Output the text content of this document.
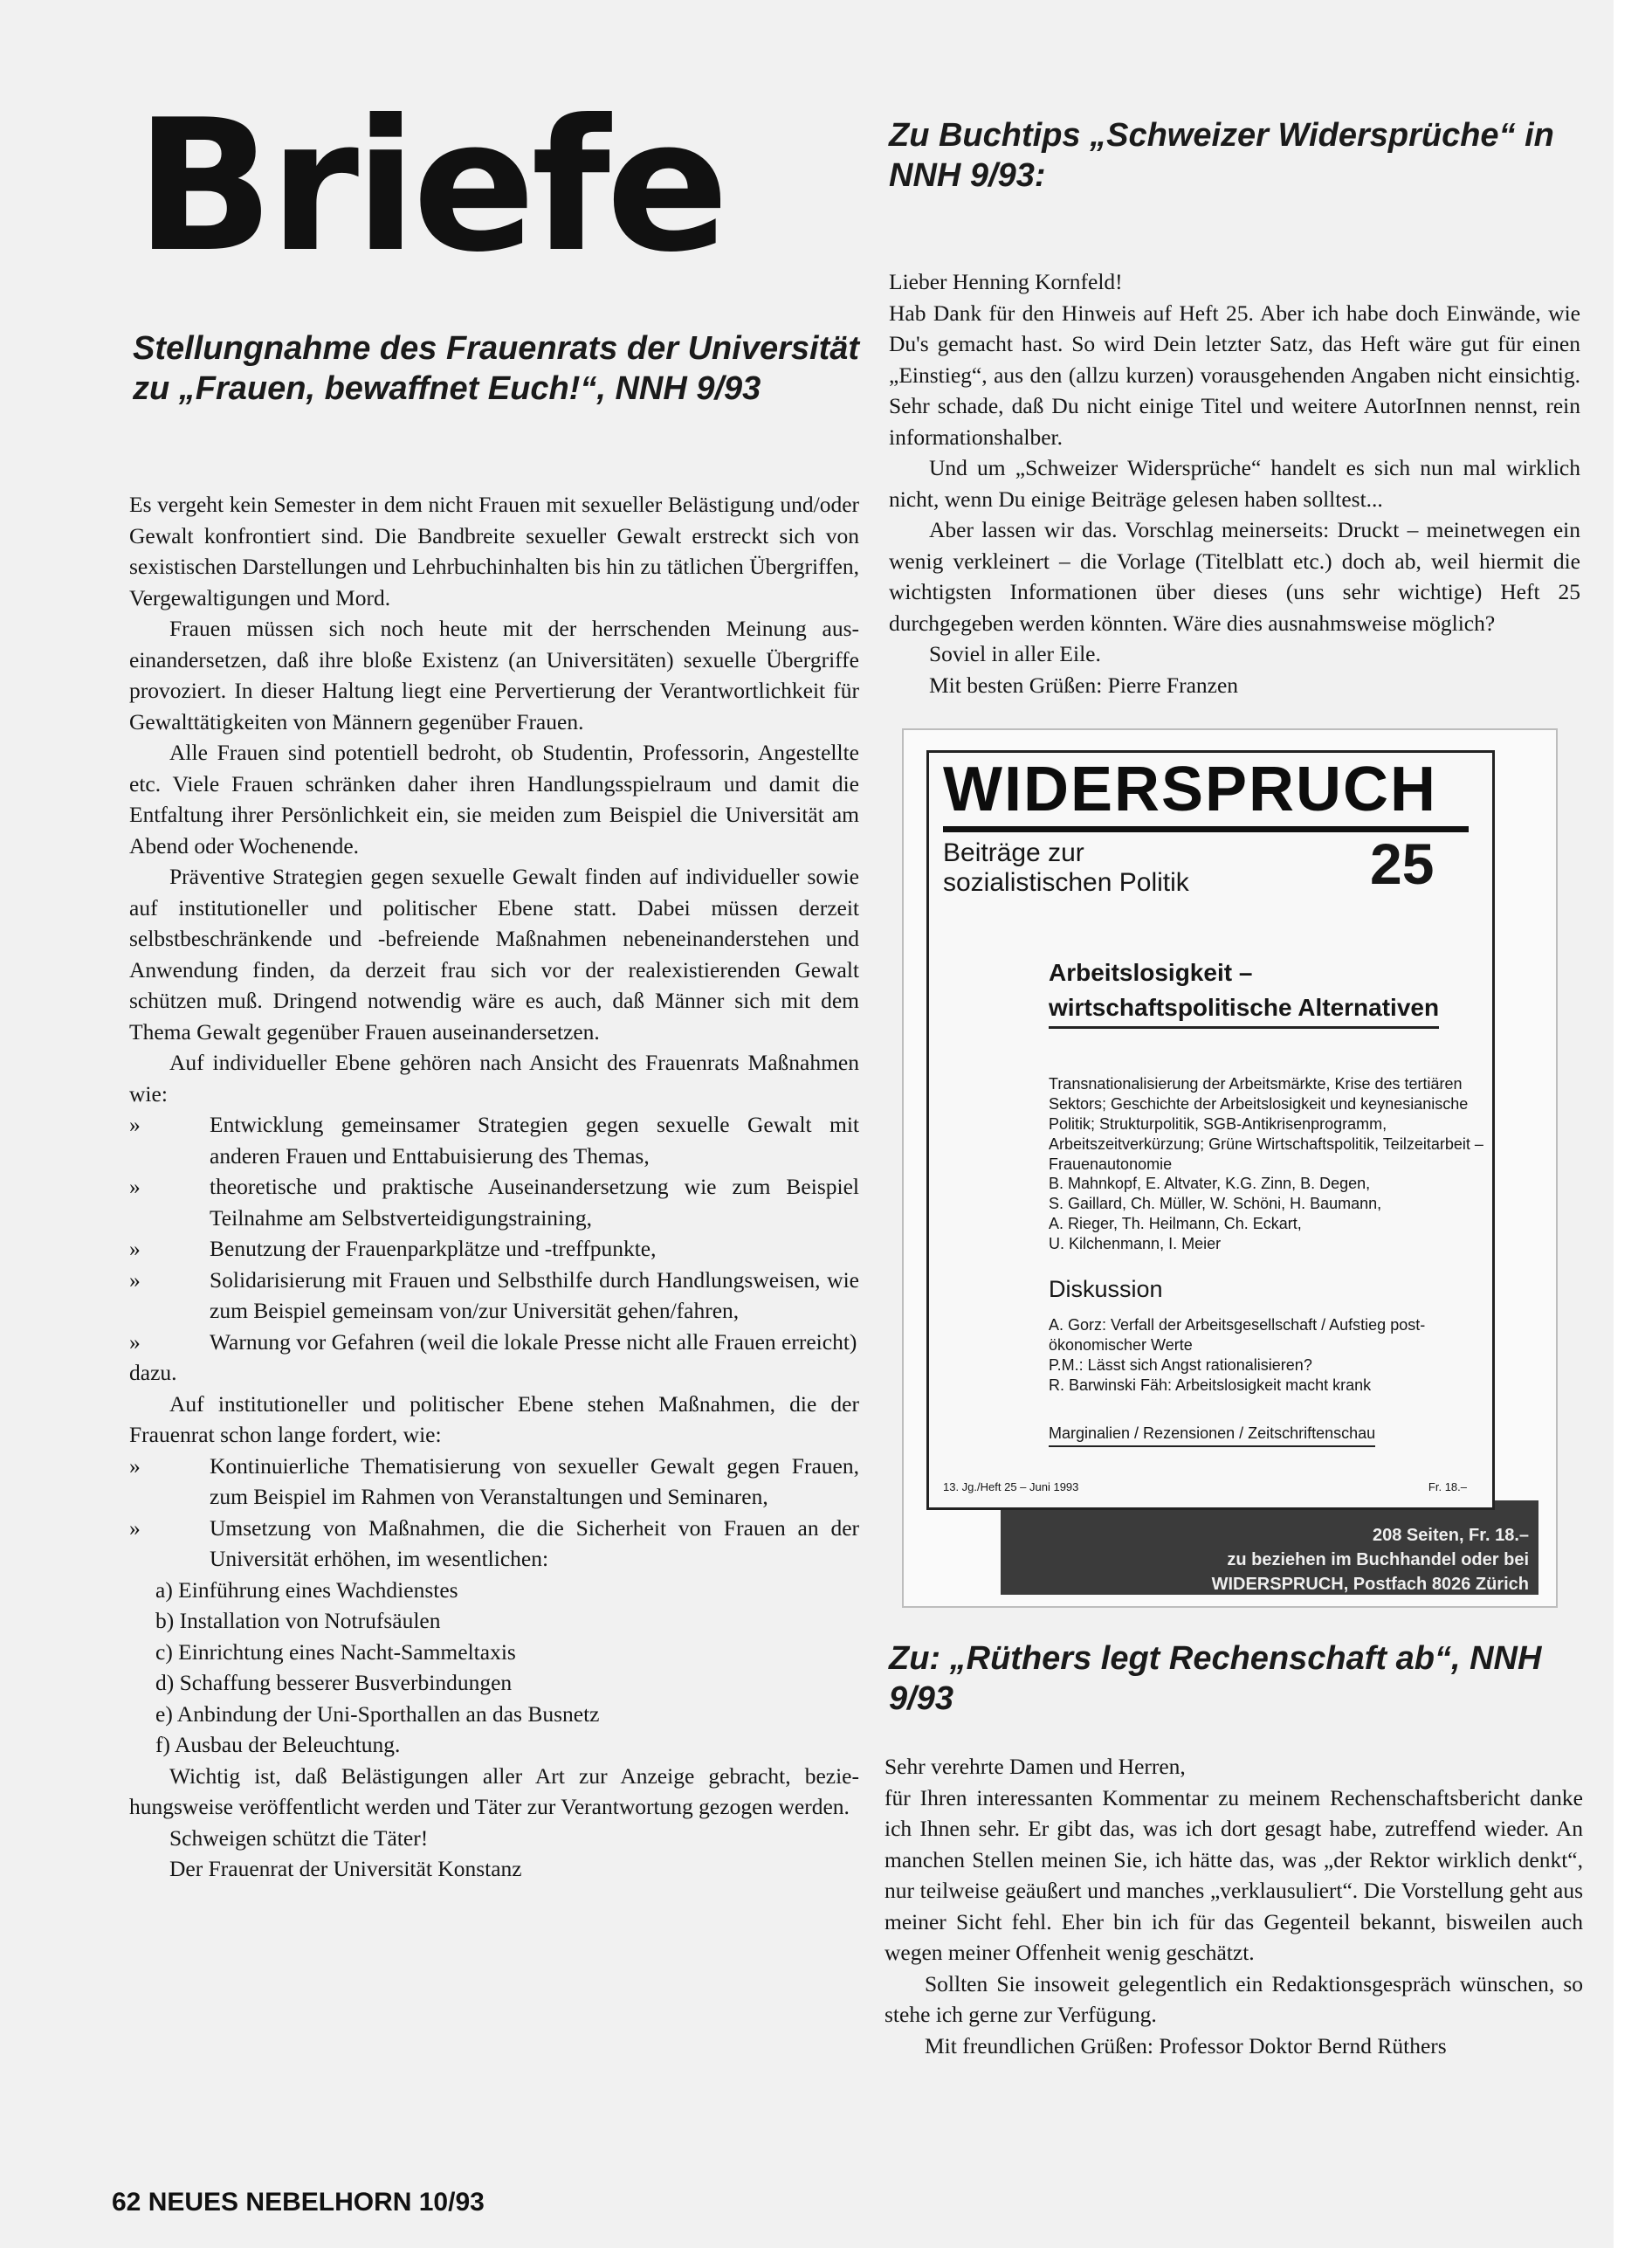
Briefe
Stellungnahme des Frauenrats der Universität zu „Frauen, bewaffnet Euch!“, NNH 9/93

Es vergeht kein Semester in dem nicht Frauen mit sexueller Belästigung und/oder Gewalt konfrontiert sind. Die Bandbreite sexueller Gewalt erstreckt sich von sexistischen Darstellungen und Lehrbuchinhalten bis hin zu tätlichen Übergriffen, Vergewaltigungen und Mord.

Frauen müssen sich noch heute mit der herrschenden Meinung auseinandersetzen, daß ihre bloße Existenz (an Universitäten) sexuelle Übergriffe provoziert. In dieser Haltung liegt eine Pervertierung der Verantwortlichkeit für Gewalttätigkeiten von Männern gegenüber Frauen.

Alle Frauen sind potentiell bedroht, ob Studentin, Professorin, Angestellte etc. Viele Frauen schränken daher ihren Handlungsspielraum und damit die Entfaltung ihrer Persönlichkeit ein, sie meiden zum Beispiel die Universität am Abend oder Wochenende.

Präventive Strategien gegen sexuelle Gewalt finden auf individueller sowie auf institutioneller und politischer Ebene statt. Dabei müssen derzeit selbstbeschränkende und -befreiende Maßnahmen nebeneinanderstehen und Anwendung finden, da derzeit frau sich vor der realexistierenden Gewalt schützen muß. Dringend notwendig wäre es auch, daß Männer sich mit dem Thema Gewalt gegenüber Frauen auseinandersetzen.

Auf individueller Ebene gehören nach Ansicht des Frauenrats Maßnahmen wie:

» Entwicklung gemeinsamer Strategien gegen sexuelle Gewalt mit anderen Frauen und Enttabuisierung des Themas,
» theoretische und praktische Auseinandersetzung wie zum Beispiel Teilnahme am Selbstverteidigungstraining,
» Benutzung der Frauenparkplätze und -treffpunkte,
» Solidarisierung mit Frauen und Selbsthilfe durch Handlungsweisen, wie zum Beispiel gemeinsam von/zur Universität gehen/fahren,
» Warnung vor Gefahren (weil die lokale Presse nicht alle Frauen erreicht)

dazu.

Auf institutioneller und politischer Ebene stehen Maßnahmen, die der Frauenrat schon lange fordert, wie:

» Kontinuierliche Thematisierung von sexueller Gewalt gegen Frauen, zum Beispiel im Rahmen von Veranstaltungen und Seminaren,
» Umsetzung von Maßnahmen, die die Sicherheit von Frauen an der Universität erhöhen, im wesentlichen:
a) Einführung eines Wachdienstes
b) Installation von Notrufsäulen
c) Einrichtung eines Nacht-Sammeltaxis
d) Schaffung besserer Busverbindungen
e) Anbindung der Uni-Sporthallen an das Busnetz
f) Ausbau der Beleuchtung.

Wichtig ist, daß Belästigungen aller Art zur Anzeige gebracht, beziehungsweise veröffentlicht werden und Täter zur Verantwortung gezogen werden.

Schweigen schützt die Täter!

Der Frauenrat der Universität Konstanz

Zu Buchtips „Schweizer Widersprüche“ in NNH 9/93:

Lieber Henning Kornfeld!

Hab Dank für den Hinweis auf Heft 25. Aber ich habe doch Einwände, wie Du's gemacht hast. So wird Dein letzter Satz, das Heft wäre gut für einen „Einstieg“, aus den (allzu kurzen) vorausgehenden Angaben nicht einsichtig. Sehr schade, daß Du nicht einige Titel und weitere AutorInnen nennst, rein informationshalber.

Und um „Schweizer Widersprüche“ handelt es sich nun mal wirklich nicht, wenn Du einige Beiträge gelesen haben solltest...

Aber lassen wir das. Vorschlag meinerseits: Druckt – meinetwegen ein wenig verkleinert – die Vorlage (Titelblatt etc.) doch ab, weil hiermit die wichtigsten Informationen über dieses (uns sehr wichtige) Heft 25 durchgegeben werden könnten. Wäre dies ausnahmsweise möglich?

Soviel in aller Eile.

Mit besten Grüßen: Pierre Franzen

WIDERSPRUCH
Beiträge zur
sozialistischen Politik	25
Arbeitslosigkeit –
wirtschaftspolitische Alternativen
Transnationalisierung der Arbeitsmärkte, Krise des tertiären Sektors; Geschichte der Arbeitslosigkeit und keynesianische Politik; Strukturpolitik, SGB-Antikrisenprogramm, Arbeitszeitverkürzung; Grüne Wirtschaftspolitik, Teilzeitarbeit – Frauenautonomie
B. Mahnkopf, E. Altvater, K.G. Zinn, B. Degen,
S. Gaillard, Ch. Müller, W. Schöni, H. Baumann,
A. Rieger, Th. Heilmann, Ch. Eckart,
U. Kilchenmann, I. Meier
Diskussion
A. Gorz: Verfall der Arbeitsgesellschaft / Aufstieg post-ökonomischer Werte
P.M.: Lässt sich Angst rationalisieren?
R. Barwinski Fäh: Arbeitslosigkeit macht krank
Marginalien / Rezensionen / Zeitschriftenschau
13. Jg./Heft 25 – Juni 1993	Fr. 18.–

208 Seiten, Fr. 18.–

zu beziehen im Buchhandel oder bei

WIDERSPRUCH, Postfach 8026 Zürich

Zu: „Rüthers legt Rechenschaft ab“, NNH 9/93

Sehr verehrte Damen und Herren,

für Ihren interessanten Kommentar zu meinem Rechenschaftsbericht danke ich Ihnen sehr. Er gibt das, was ich dort gesagt habe, zutreffend wieder. An manchen Stellen meinen Sie, ich hätte das, was „der Rektor wirklich denkt“, nur teilweise geäußert und manches „verklausuliert“. Die Vorstellung geht aus meiner Sicht fehl. Eher bin ich für das Gegenteil bekannt, bisweilen auch wegen meiner Offenheit wenig geschätzt.

Sollten Sie insoweit gelegentlich ein Redaktionsgespräch wünschen, so stehe ich gerne zur Verfügung.

Mit freundlichen Grüßen: Professor Doktor Bernd Rüthers

62 NEUES NEBELHORN 10/93
